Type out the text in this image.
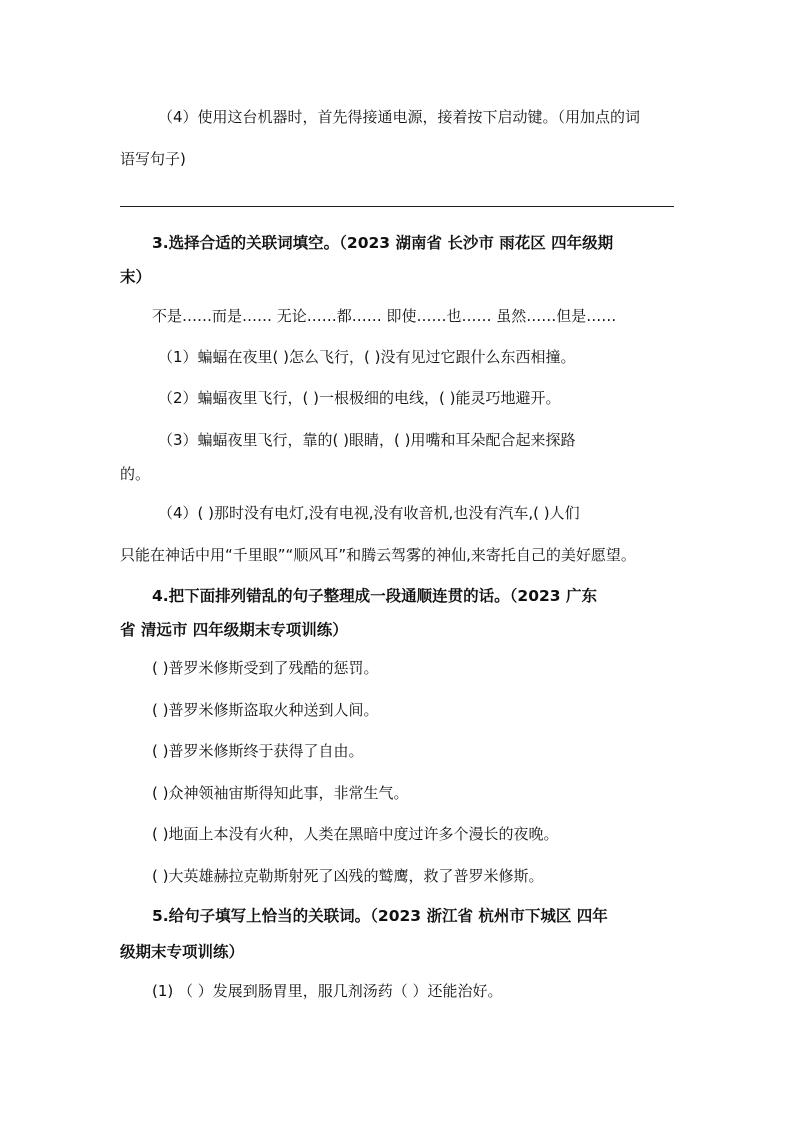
（4）使用这台机器时，首先得接通电源，接着按下启动键。（用加点的词
语写句子)
3.选择合适的关联词填空。（2023 湖南省 长沙市 雨花区 四年级期
末）
不是……而是…… 无论……都…… 即使……也…… 虽然……但是……
（1）蝙蝠在夜里( )怎么飞行，( )没有见过它跟什么东西相撞。
（2）蝙蝠夜里飞行，( )一根极细的电线，( )能灵巧地避开。
（3）蝙蝠夜里飞行，靠的( )眼睛，( )用嘴和耳朵配合起来探路
的。
（4）( )那时没有电灯,没有电视,没有收音机,也没有汽车,( )人们
只能在神话中用“千里眼”“顺风耳”和腾云驾雾的神仙,来寄托自己的美好愿望。
4.把下面排列错乱的句子整理成一段通顺连贯的话。（2023 广东
省 清远市 四年级期末专项训练）
( )普罗米修斯受到了残酷的惩罚。
( )普罗米修斯盗取火种送到人间。
( )普罗米修斯终于获得了自由。
( )众神领袖宙斯得知此事，非常生气。
( )地面上本没有火种，人类在黑暗中度过许多个漫长的夜晚。
( )大英雄赫拉克勒斯射死了凶残的鹫鹰，救了普罗米修斯。
5.给句子填写上恰当的关联词。（2023 浙江省 杭州市下城区 四年
级期末专项训练）
(1) （ ）发展到肠胃里，服几剂汤药（ ）还能治好。
